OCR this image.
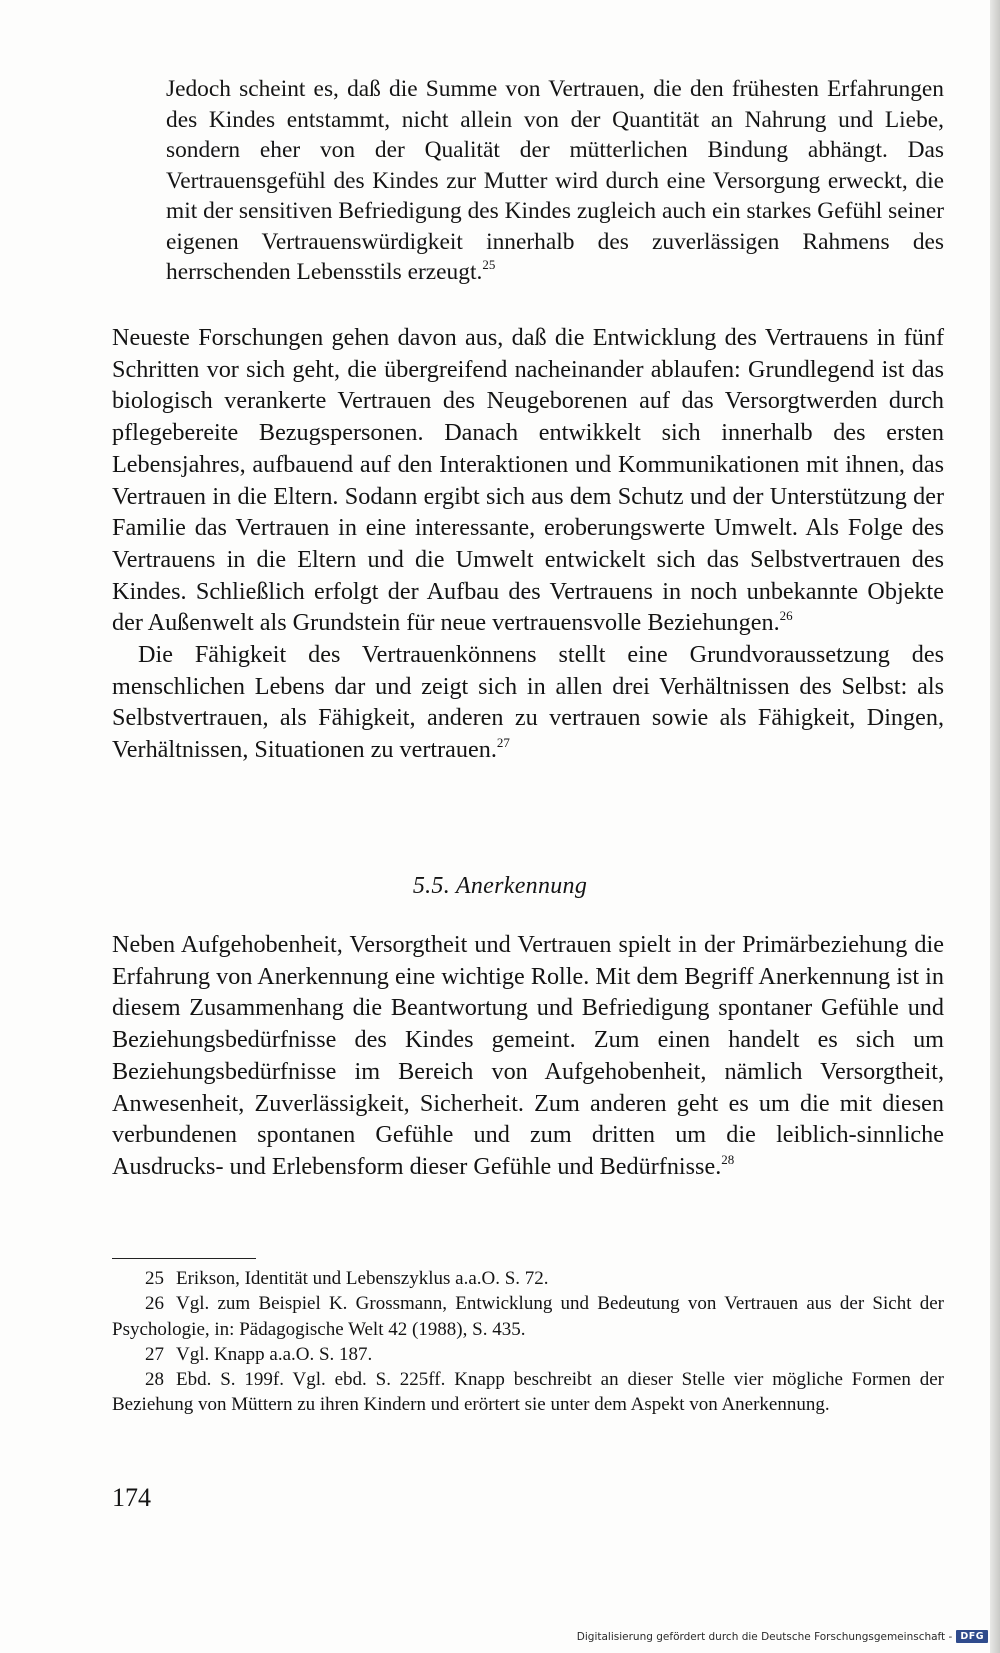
Jedoch scheint es, daß die Summe von Vertrauen, die den frühesten Erfahrungen des Kindes entstammt, nicht allein von der Quantität an Nahrung und Liebe, sondern eher von der Qualität der mütterlichen Bindung abhängt. Das Vertrauensgefühl des Kindes zur Mutter wird durch eine Versorgung erweckt, die mit der sensitiven Befriedigung des Kindes zugleich auch ein starkes Gefühl seiner eigenen Vertrauenswürdigkeit innerhalb des zuverlässigen Rahmens des herrschenden Lebensstils erzeugt.$^{25}$

Neueste Forschungen gehen davon aus, daß die Entwicklung des Vertrauens in fünf Schritten vor sich geht, die übergreifend nacheinander ablaufen: Grundlegend ist das biologisch verankerte Vertrauen des Neugeborenen auf das Versorgtwerden durch pflegebereite Bezugspersonen. Danach entwikkelt sich innerhalb des ersten Lebensjahres, aufbauend auf den Interaktionen und Kommunikationen mit ihnen, das Vertrauen in die Eltern. Sodann ergibt sich aus dem Schutz und der Unterstützung der Familie das Vertrauen in eine interessante, eroberungswerte Umwelt. Als Folge des Vertrauens in die Eltern und die Umwelt entwickelt sich das Selbstvertrauen des Kindes. Schließlich erfolgt der Aufbau des Vertrauens in noch unbekannte Objekte der Außenwelt als Grundstein für neue vertrauensvolle Beziehungen.$^{26}$

Die Fähigkeit des Vertrauenkönnens stellt eine Grundvoraussetzung des menschlichen Lebens dar und zeigt sich in allen drei Verhältnissen des Selbst: als Selbstvertrauen, als Fähigkeit, anderen zu vertrauen sowie als Fähigkeit, Dingen, Verhältnissen, Situationen zu vertrauen.$^{27}$

5.5. Anerkennung

Neben Aufgehobenheit, Versorgtheit und Vertrauen spielt in der Primärbeziehung die Erfahrung von Anerkennung eine wichtige Rolle. Mit dem Begriff Anerkennung ist in diesem Zusammenhang die Beantwortung und Befriedigung spontaner Gefühle und Beziehungsbedürfnisse des Kindes gemeint. Zum einen handelt es sich um Beziehungsbedürfnisse im Bereich von Aufgehobenheit, nämlich Versorgtheit, Anwesenheit, Zuverlässigkeit, Sicherheit. Zum anderen geht es um die mit diesen verbundenen spontanen Gefühle und zum dritten um die leiblich-sinnliche Ausdrucks- und Erlebensform dieser Gefühle und Bedürfnisse.$^{28}$

25 Erikson, Identität und Lebenszyklus a.a.O. S. 72.

26 Vgl. zum Beispiel K. Grossmann, Entwicklung und Bedeutung von Vertrauen aus der Sicht der Psychologie, in: Pädagogische Welt 42 (1988), S. 435.

27 Vgl. Knapp a.a.O. S. 187.

28 Ebd. S. 199f. Vgl. ebd. S. 225ff. Knapp beschreibt an dieser Stelle vier mögliche Formen der Beziehung von Müttern zu ihren Kindern und erörtert sie unter dem Aspekt von Anerkennung.

174
Digitalisierung gefördert durch die Deutsche Forschungsgemeinschaft - DFG
